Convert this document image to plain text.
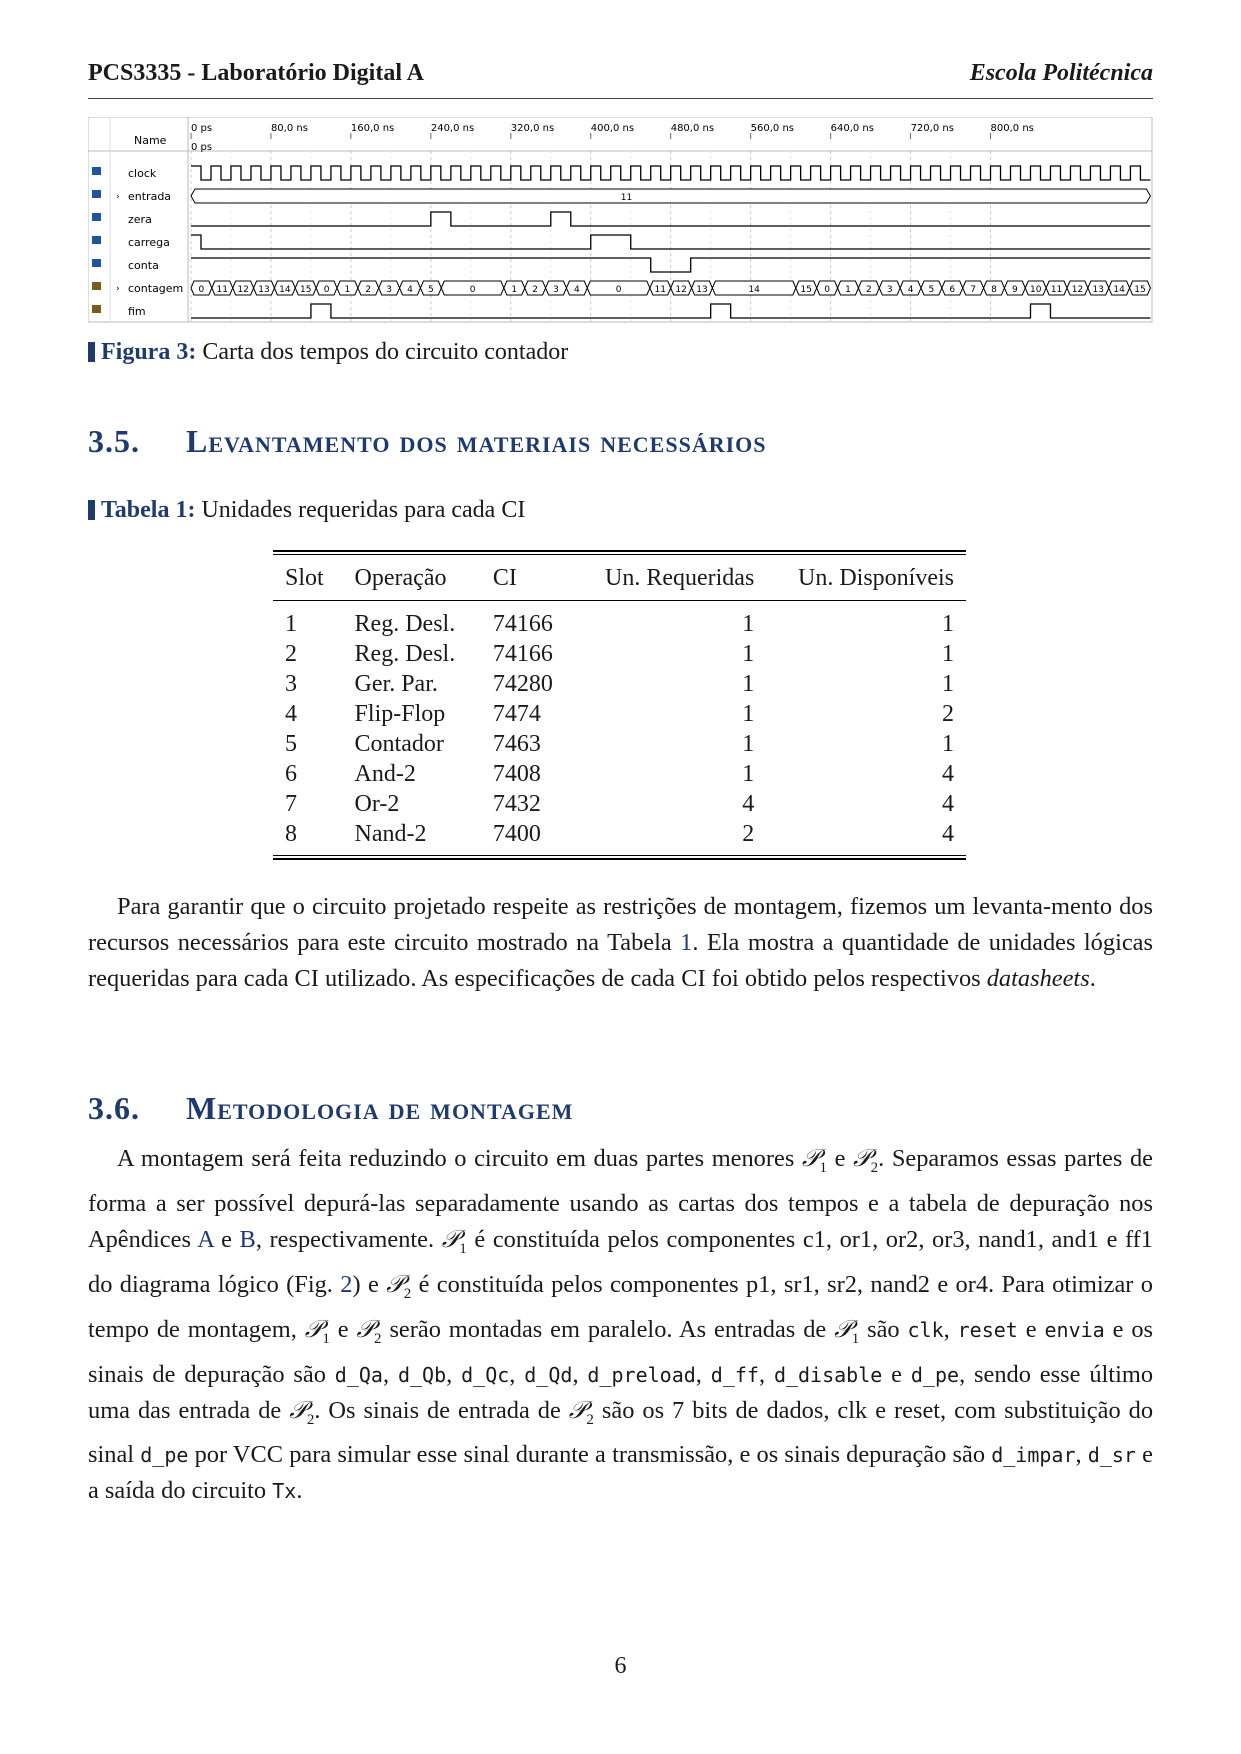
PCS3335 - Laboratório Digital A	Escola Politécnica
Name
0 ps
0 ps	80,0 ns	160,0 ns	240,0 ns	320,0 ns	400,0 ns	480,0 ns	560,0 ns	640,0 ns	720,0 ns	800,0 ns
clock
› entrada
zera
carrega
conta
› contagem
fim
11
0 11 12 13 14 15 0 1 2 3 4 5	0	1 2 3 4	0	11 12 13	14	15 0 1 2 3 4 5 6 7 8 9 10 11 12 13 14 15
Figura 3: Carta dos tempos do circuito contador
3.5. Levantamento dos materiais necessários
Tabela 1: Unidades requeridas para cada CI
Slot	Operação	CI	Un. Requeridas	Un. Disponíveis

1	Reg. Desl.	74166	1	1
2	Reg. Desl.	74166	1	1
3	Ger. Par.	74280	1	1
4	Flip-Flop	7474	1	2
5	Contador	7463	1	1
6	And-2	7408	1	4
7	Or-2	7432	4	4
8	Nand-2	7400	2	4

Para garantir que o circuito projetado respeite as restrições de montagem, fizemos um levanta-mento dos recursos necessários para este circuito mostrado na Tabela 1. Ela mostra a quantidade de unidades lógicas requeridas para cada CI utilizado. As especificações de cada CI foi obtido pelos respectivos datasheets.

3.6. Metodologia de montagem

A montagem será feita reduzindo o circuito em duas partes menores 𝒫$_1$ e 𝒫$_2$. Separamos essas partes de forma a ser possível depurá-las separadamente usando as cartas dos tempos e a tabela de depuração nos Apêndices A e B, respectivamente. 𝒫$_1$ é constituída pelos componentes c1, or1, or2, or3, nand1, and1 e ff1 do diagrama lógico (Fig. 2) e 𝒫$_2$ é constituída pelos componentes p1, sr1, sr2, nand2 e or4. Para otimizar o tempo de montagem, 𝒫$_1$ e 𝒫$_2$ serão montadas em paralelo. As entradas de 𝒫$_1$ são clk, reset e envia e os sinais de depuração são d_Qa, d_Qb, d_Qc, d_Qd, d_preload, d_ff, d_disable e d_pe, sendo esse último uma das entrada de 𝒫$_2$. Os sinais de entrada de 𝒫$_2$ são os 7 bits de dados, clk e reset, com substituição do sinal d_pe por VCC para simular esse sinal durante a transmissão, e os sinais depuração são d_impar, d_sr e a saída do circuito Tx.

6
